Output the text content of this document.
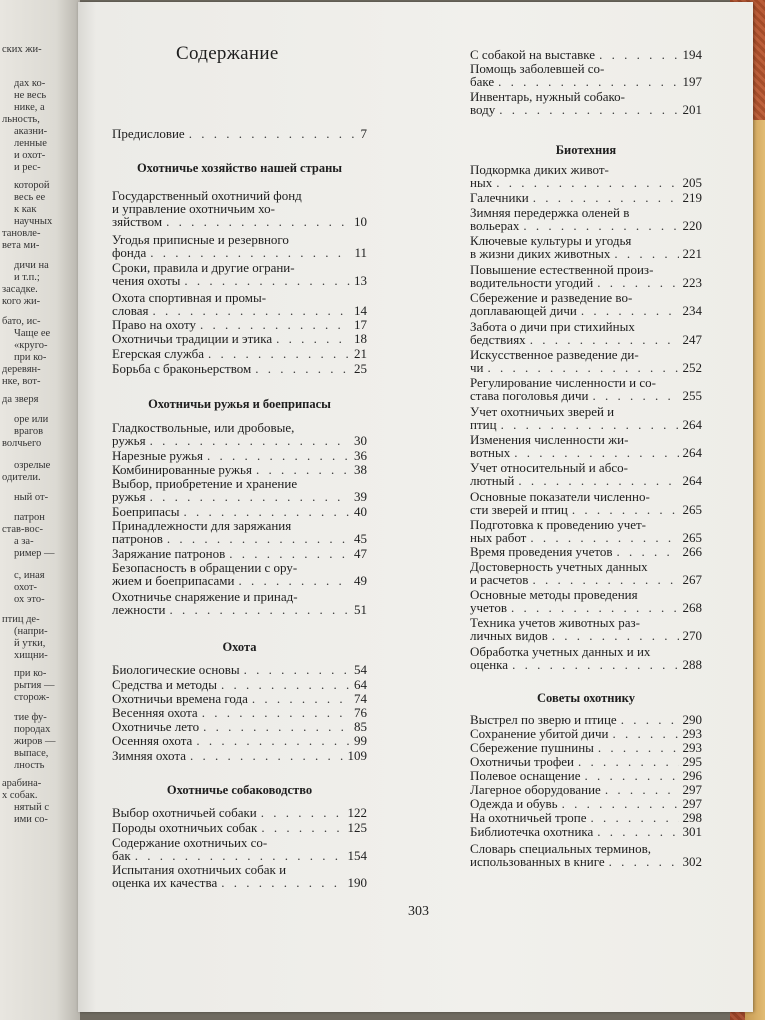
ских жи-
дах ко-
не весь
нике, а
льность,
аказни-
ленные
и охот-
и рес-
которой
весь ее
к как
научных
тановле-
вета ми-
дичи на
и т.п.;
засадке.
кого жи-
бато, ис-
Чаще ее
«круго-
при ко-
деревян-
нке, вот-
да зверя
оре или
врагов
волчьего
озрелые
одители.
ный от-
патрон
став-вос-
а за-
ример —
с, иная
охот-
ох это-
птиц де-
(напри-
й утки,
хищни-
при ко-
рытия —
сторож-
тие фу-
породах
жиров —
выпасе,
лность
арабина-
х собак.
нятый с
ими со-
Содержание
303
Предисловие . . .	7
Охотничье хозяйство нашей страны
Государственный охотничий фонд
и управление охотничьим хо-
зяйством . . .	10
Угодья приписные и резервного
фонда . . .	11
Сроки, правила и другие ограни-
чения охоты . . .	13
Охота спортивная и промы-
словая . . .	14
Право на охоту . . .	17
Охотничьи традиции и этика . . .	18
Егерская служба . . .	21
Борьба с браконьерством . . .	25
Охотничьи ружья и боеприпасы
Гладкоствольные, или дробовые,
ружья . . .	30
Нарезные ружья . . .	36
Комбинированные ружья . . .	38
Выбор, приобретение и хранение
ружья . . .	39
Боеприпасы . . .	40
Принадлежности для заряжания
патронов . . .	45
Заряжание патронов . . .	47
Безопасность в обращении с ору-
жием и боеприпасами . . .	49
Охотничье снаряжение и принад-
лежности . . .	51
Охота
Биологические основы . . .	54
Средства и методы . . .	64
Охотничьи времена года . . .	74
Весенняя охота . . .	76
Охотничье лето . . .	85
Осенняя охота . . .	99
Зимняя охота . . .	109
Охотничье собаководство
Выбор охотничьей собаки . . .	122
Породы охотничьих собак . . .	125
Содержание охотничьих со-
бак . . .	154
Испытания охотничьих собак и
оценка их качества . . .	190
С собакой на выставке . . .	194
Помощь заболевшей со-
баке . . .	197
Инвентарь, нужный собако-
воду . . .	201
Биотехния
Подкормка диких живот-
ных . . .	205
Галечники . . .	219
Зимняя передержка оленей в
вольерах . . .	220
Ключевые культуры и угодья
в жизни диких животных . . .	221
Повышение естественной произ-
водительности угодий . . .	223
Сбережение и разведение во-
доплавающей дичи . . .	234
Забота о дичи при стихийных
бедствиях . . .	247
Искусственное разведение ди-
чи . . .	252
Регулирование численности и со-
става поголовья дичи . . .	255
Учет охотничьих зверей и
птиц . . .	264
Изменения численности жи-
вотных . . .	264
Учет относительный и абсо-
лютный . . .	264
Основные показатели численно-
сти зверей и птиц . . .	265
Подготовка к проведению учет-
ных работ . . .	265
Время проведения учетов . . .	266
Достоверность учетных данных
и расчетов . . .	267
Основные методы проведения
учетов . . .	268
Техника учетов животных раз-
личных видов . . .	270
Обработка учетных данных и их
оценка . . .	288
Советы охотнику
Выстрел по зверю и птице . . .	290
Сохранение убитой дичи . . .	293
Сбережение пушнины . . .	293
Охотничьи трофеи . . .	295
Полевое оснащение . . .	296
Лагерное оборудование . . .	297
Одежда и обувь . . .	297
На охотничьей тропе . . .	298
Библиотечка охотника . . .	301
Словарь специальных терминов,
использованных в книге . . .	302
